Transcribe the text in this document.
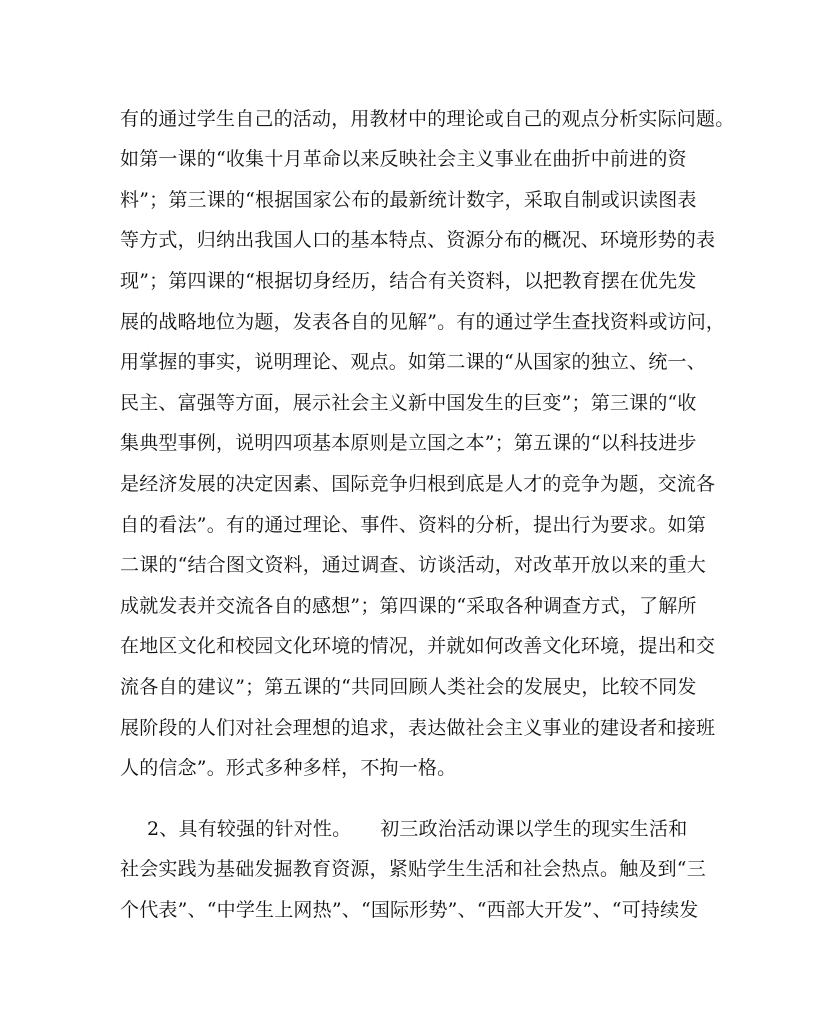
有的通过学生自己的活动，用教材中的理论或自己的观点分析实际问题。
如第一课的“收集十月革命以来反映社会主义事业在曲折中前进的资
料”；第三课的“根据国家公布的最新统计数字，采取自制或识读图表
等方式，归纳出我国人口的基本特点、资源分布的概况、环境形势的表
现”；第四课的“根据切身经历，结合有关资料，以把教育摆在优先发
展的战略地位为题，发表各自的见解”。有的通过学生查找资料或访问，
用掌握的事实，说明理论、观点。如第二课的“从国家的独立、统一、
民主、富强等方面，展示社会主义新中国发生的巨变”；第三课的“收
集典型事例，说明四项基本原则是立国之本”；第五课的“以科技进步
是经济发展的决定因素、国际竞争归根到底是人才的竞争为题，交流各
自的看法”。有的通过理论、事件、资料的分析，提出行为要求。如第
二课的“结合图文资料，通过调查、访谈活动，对改革开放以来的重大
成就发表并交流各自的感想”；第四课的“采取各种调查方式，了解所
在地区文化和校园文化环境的情况，并就如何改善文化环境，提出和交
流各自的建议”；第五课的“共同回顾人类社会的发展史，比较不同发
展阶段的人们对社会理想的追求，表达做社会主义事业的建设者和接班
人的信念”。形式多种多样，不拘一格。
2、具有较强的针对性。　　初三政治活动课以学生的现实生活和
社会实践为基础发掘教育资源，紧贴学生生活和社会热点。触及到“三
个代表”、“中学生上网热”、“国际形势”、“西部大开发”、“可持续发
